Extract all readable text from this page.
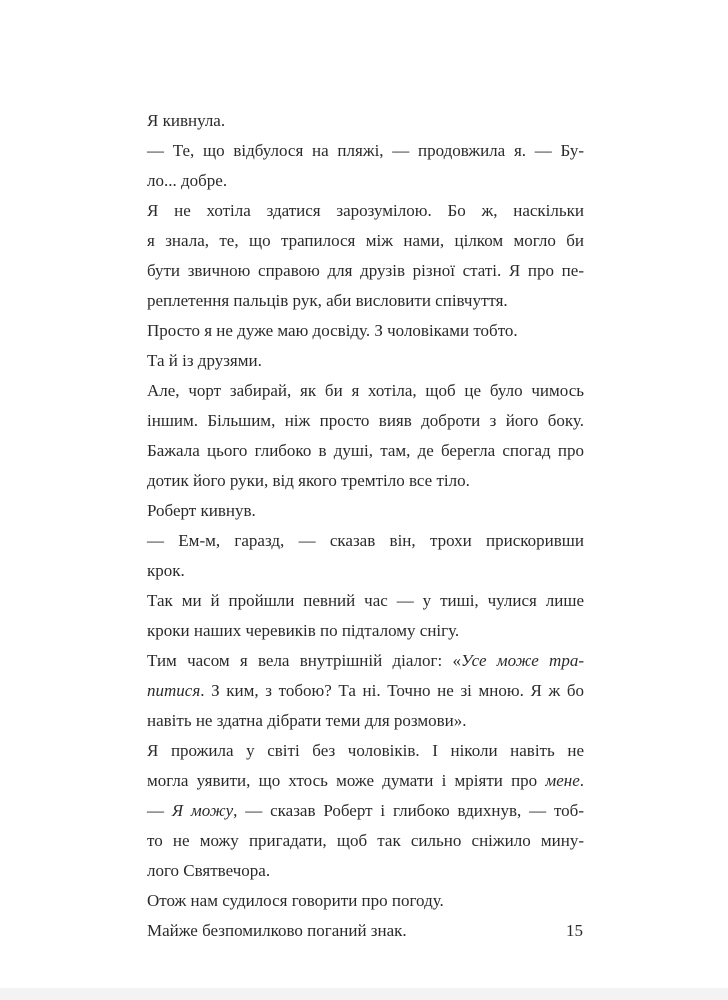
Я кивнула.
— Те, що відбулося на пляжі, — продовжила я. — Бу-
ло... добре.
Я не хотіла здатися зарозумілою. Бо ж, наскільки
я знала, те, що трапилося між нами, цілком могло би
бути звичною справою для друзів різної статі. Я про пе-
реплетення пальців рук, аби висловити співчуття.
Просто я не дуже маю досвіду. З чоловіками тобто.
Та й із друзями.
Але, чорт забирай, як би я хотіла, щоб це було чимось
іншим. Більшим, ніж просто вияв доброти з його боку.
Бажала цього глибоко в душі, там, де берегла спогад про
дотик його руки, від якого тремтіло все тіло.
Роберт кивнув.
— Ем-м, гаразд, — сказав він, трохи прискоривши
крок.
Так ми й пройшли певний час — у тиші, чулися лише
кроки наших черевиків по підталому снігу.
Тим часом я вела внутрішній діалог: «Усе може тра-
питися. З ким, з тобою? Та ні. Точно не зі мною. Я ж бо
навіть не здатна дібрати теми для розмови».
Я прожила у світі без чоловіків. І ніколи навіть не
могла уявити, що хтось може думати і мріяти про мене.
— Я можу, — сказав Роберт і глибоко вдихнув, — тоб-
то не можу пригадати, щоб так сильно сніжило мину-
лого Святвечора.
Отож нам судилося говорити про погоду.
Майже безпомилково поганий знак.	15
